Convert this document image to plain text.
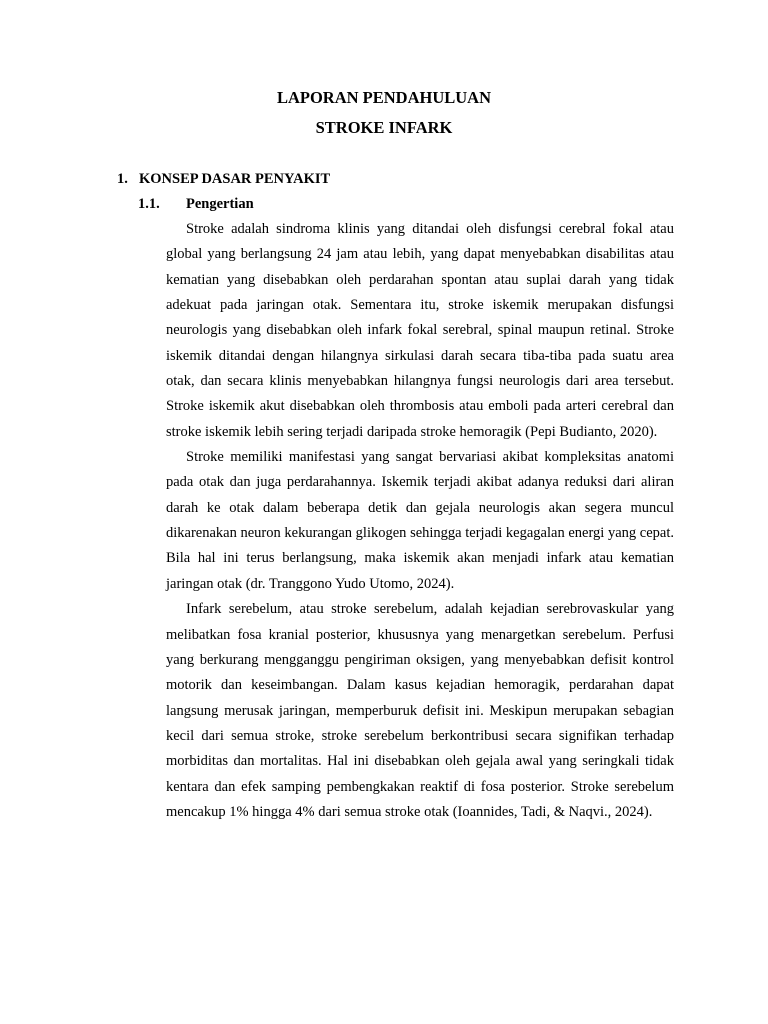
LAPORAN PENDAHULUAN
STROKE INFARK
1. KONSEP DASAR PENYAKIT
1.1. Pengertian

Stroke adalah sindroma klinis yang ditandai oleh disfungsi cerebral fokal atau global yang berlangsung 24 jam atau lebih, yang dapat menyebabkan disabilitas atau kematian yang disebabkan oleh perdarahan spontan atau suplai darah yang tidak adekuat pada jaringan otak. Sementara itu, stroke iskemik merupakan disfungsi neurologis yang disebabkan oleh infark fokal serebral, spinal maupun retinal. Stroke iskemik ditandai dengan hilangnya sirkulasi darah secara tiba-tiba pada suatu area otak, dan secara klinis menyebabkan hilangnya fungsi neurologis dari area tersebut. Stroke iskemik akut disebabkan oleh thrombosis atau emboli pada arteri cerebral dan stroke iskemik lebih sering terjadi daripada stroke hemoragik (Pepi Budianto, 2020).

Stroke memiliki manifestasi yang sangat bervariasi akibat kompleksitas anatomi pada otak dan juga perdarahannya. Iskemik terjadi akibat adanya reduksi dari aliran darah ke otak dalam beberapa detik dan gejala neurologis akan segera muncul dikarenakan neuron kekurangan glikogen sehingga terjadi kegagalan energi yang cepat. Bila hal ini terus berlangsung, maka iskemik akan menjadi infark atau kematian jaringan otak (dr. Tranggono Yudo Utomo, 2024).

Infark serebelum, atau stroke serebelum, adalah kejadian serebrovaskular yang melibatkan fosa kranial posterior, khususnya yang menargetkan serebelum. Perfusi yang berkurang mengganggu pengiriman oksigen, yang menyebabkan defisit kontrol motorik dan keseimbangan. Dalam kasus kejadian hemoragik, perdarahan dapat langsung merusak jaringan, memperburuk defisit ini. Meskipun merupakan sebagian kecil dari semua stroke, stroke serebelum berkontribusi secara signifikan terhadap morbiditas dan mortalitas. Hal ini disebabkan oleh gejala awal yang seringkali tidak kentara dan efek samping pembengkakan reaktif di fosa posterior. Stroke serebelum mencakup 1% hingga 4% dari semua stroke otak (Ioannides, Tadi, & Naqvi., 2024).
